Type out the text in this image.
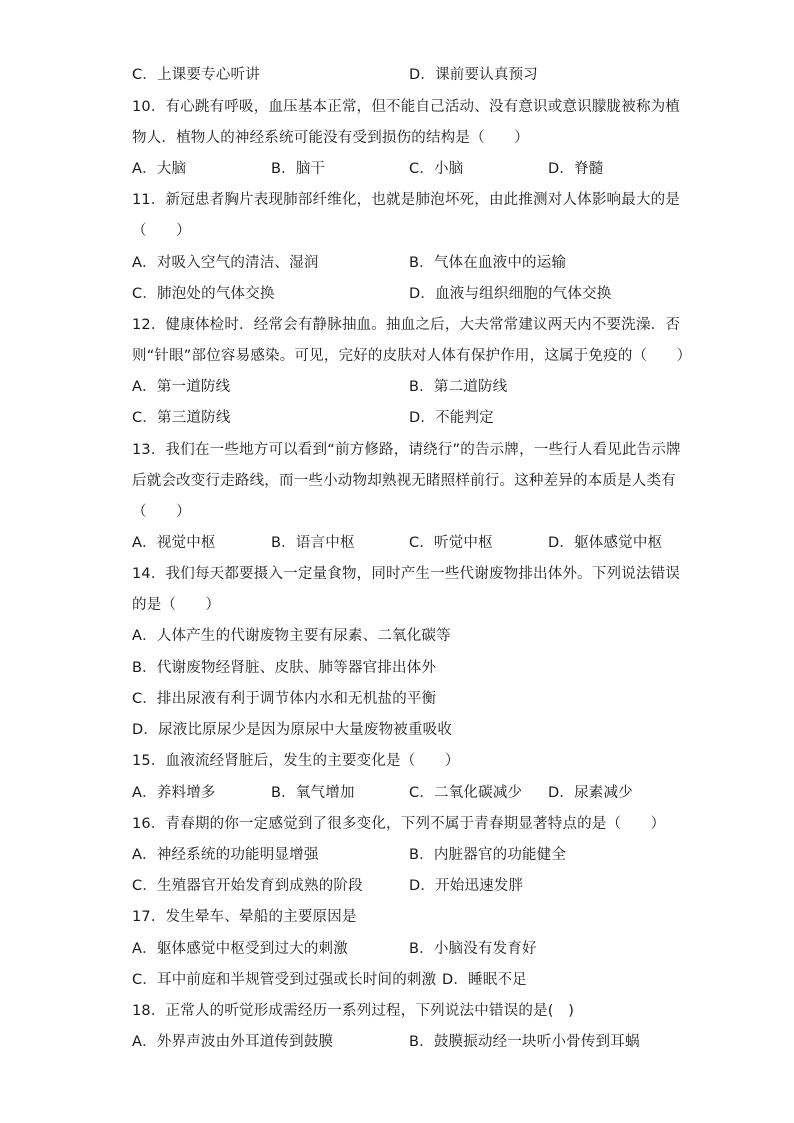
C．上课要专心听讲	D．课前要认真预习
10．有心跳有呼吸，血压基本正常，但不能自己活动、没有意识或意识朦胧被称为植
物人．植物人的神经系统可能没有受到损伤的结构是（　　）
A．大脑	B．脑干	C．小脑	D．脊髓
11．新冠患者胸片表现肺部纤维化，也就是肺泡坏死，由此推测对人体影响最大的是
（　　）
A．对吸入空气的清洁、湿润	B．气体在血液中的运输
C．肺泡处的气体交换	D．血液与组织细胞的气体交换
12．健康体检时．经常会有静脉抽血。抽血之后，大夫常常建议两天内不要洗澡．否
则“针眼”部位容易感染。可见，完好的皮肤对人体有保护作用，这属于免疫的（　　）
A．第一道防线	B．第二道防线
C．第三道防线	D．不能判定
13．我们在一些地方可以看到“前方修路，请绕行”的告示牌，一些行人看见此告示牌
后就会改变行走路线，而一些小动物却熟视无睹照样前行。这种差异的本质是人类有
（　　）
A．视觉中枢	B．语言中枢	C．听觉中枢	D．躯体感觉中枢
14．我们每天都要摄入一定量食物，同时产生一些代谢废物排出体外。下列说法错误
的是（　　）
A．人体产生的代谢废物主要有尿素、二氧化碳等
B．代谢废物经肾脏、皮肤、肺等器官排出体外
C．排出尿液有利于调节体内水和无机盐的平衡
D．尿液比原尿少是因为原尿中大量废物被重吸收
15．血液流经肾脏后，发生的主要变化是（　　）
A．养料增多	B．氧气增加	C．二氧化碳减少 D．尿素减少
16．青春期的你一定感觉到了很多变化，下列不属于青春期显著特点的是（　　）
A．神经系统的功能明显增强	B．内脏器官的功能健全
C．生殖器官开始发育到成熟的阶段	D．开始迅速发胖
17．发生晕车、晕船的主要原因是
A．躯体感觉中枢受到过大的刺激	B．小脑没有发育好
C．耳中前庭和半规管受到过强或长时间的刺激 D．睡眠不足
18．正常人的听觉形成需经历一系列过程，下列说法中错误的是(　)
A．外界声波由外耳道传到鼓膜	B．鼓膜振动经一块听小骨传到耳蜗
